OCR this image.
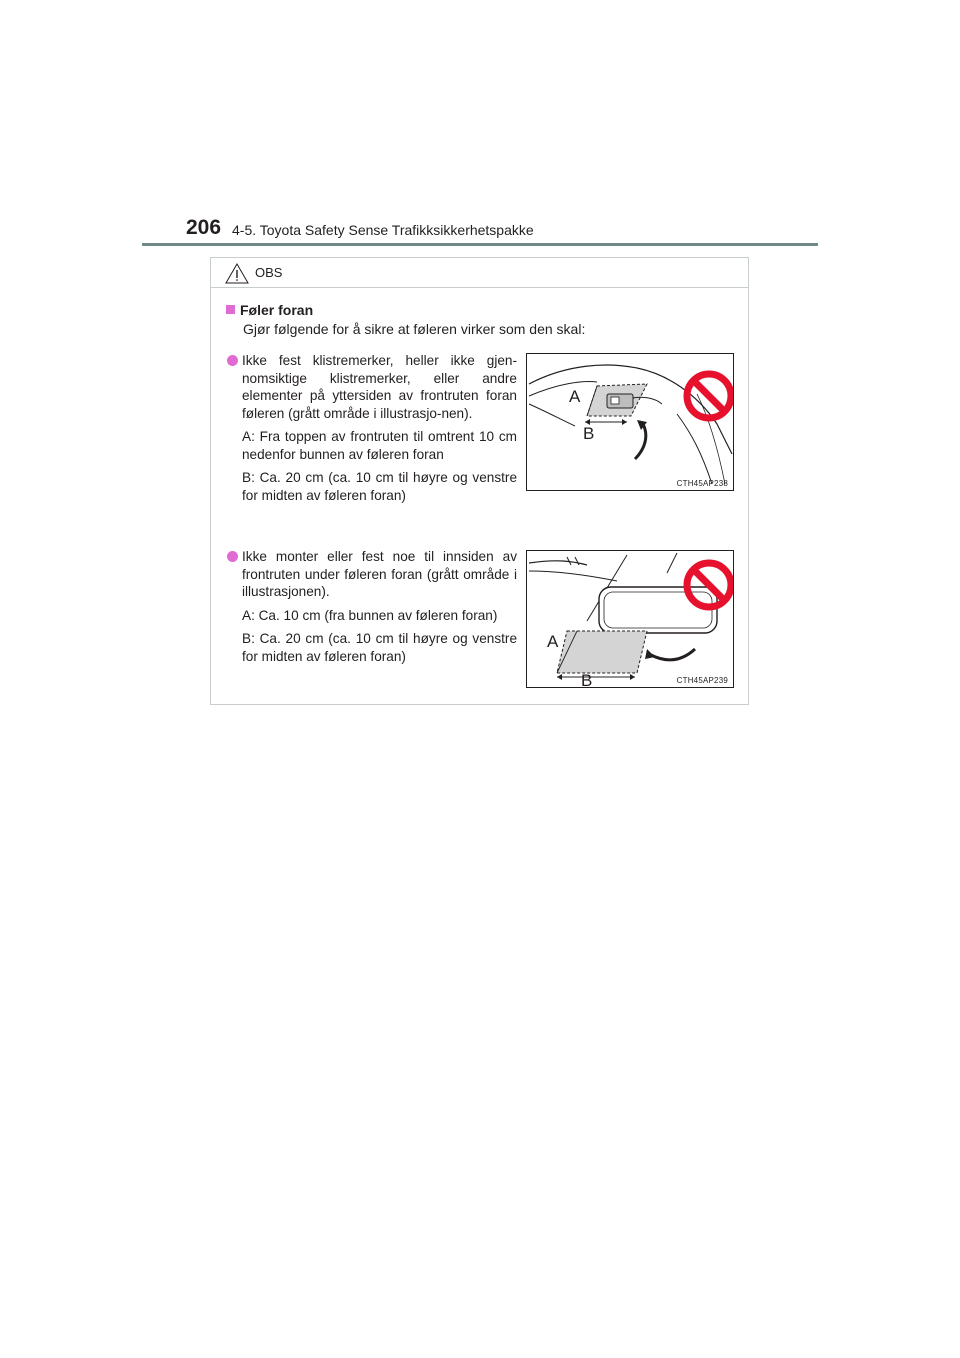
206 4-5. Toyota Safety Sense Trafikksikkerhetspakke
OBS
Føler foran
Gjør følgende for å sikre at føleren virker som den skal:

Ikke fest klistremerker, heller ikke gjen-nomsiktige klistremerker, eller andre elementer på yttersiden av frontruten foran føleren (grått område i illustrasjo-nen).

A: Fra toppen av frontruten til omtrent 10 cm nedenfor bunnen av føleren foran

B: Ca. 20 cm (ca. 10 cm til høyre og venstre for midten av føleren foran)

A
B
CTH45AP238

Ikke monter eller fest noe til innsiden av frontruten under føleren foran (grått område i illustrasjonen).

A: Ca. 10 cm (fra bunnen av føleren foran)

B: Ca. 20 cm (ca. 10 cm til høyre og venstre for midten av føleren foran)

A
B	CTH45AP239
